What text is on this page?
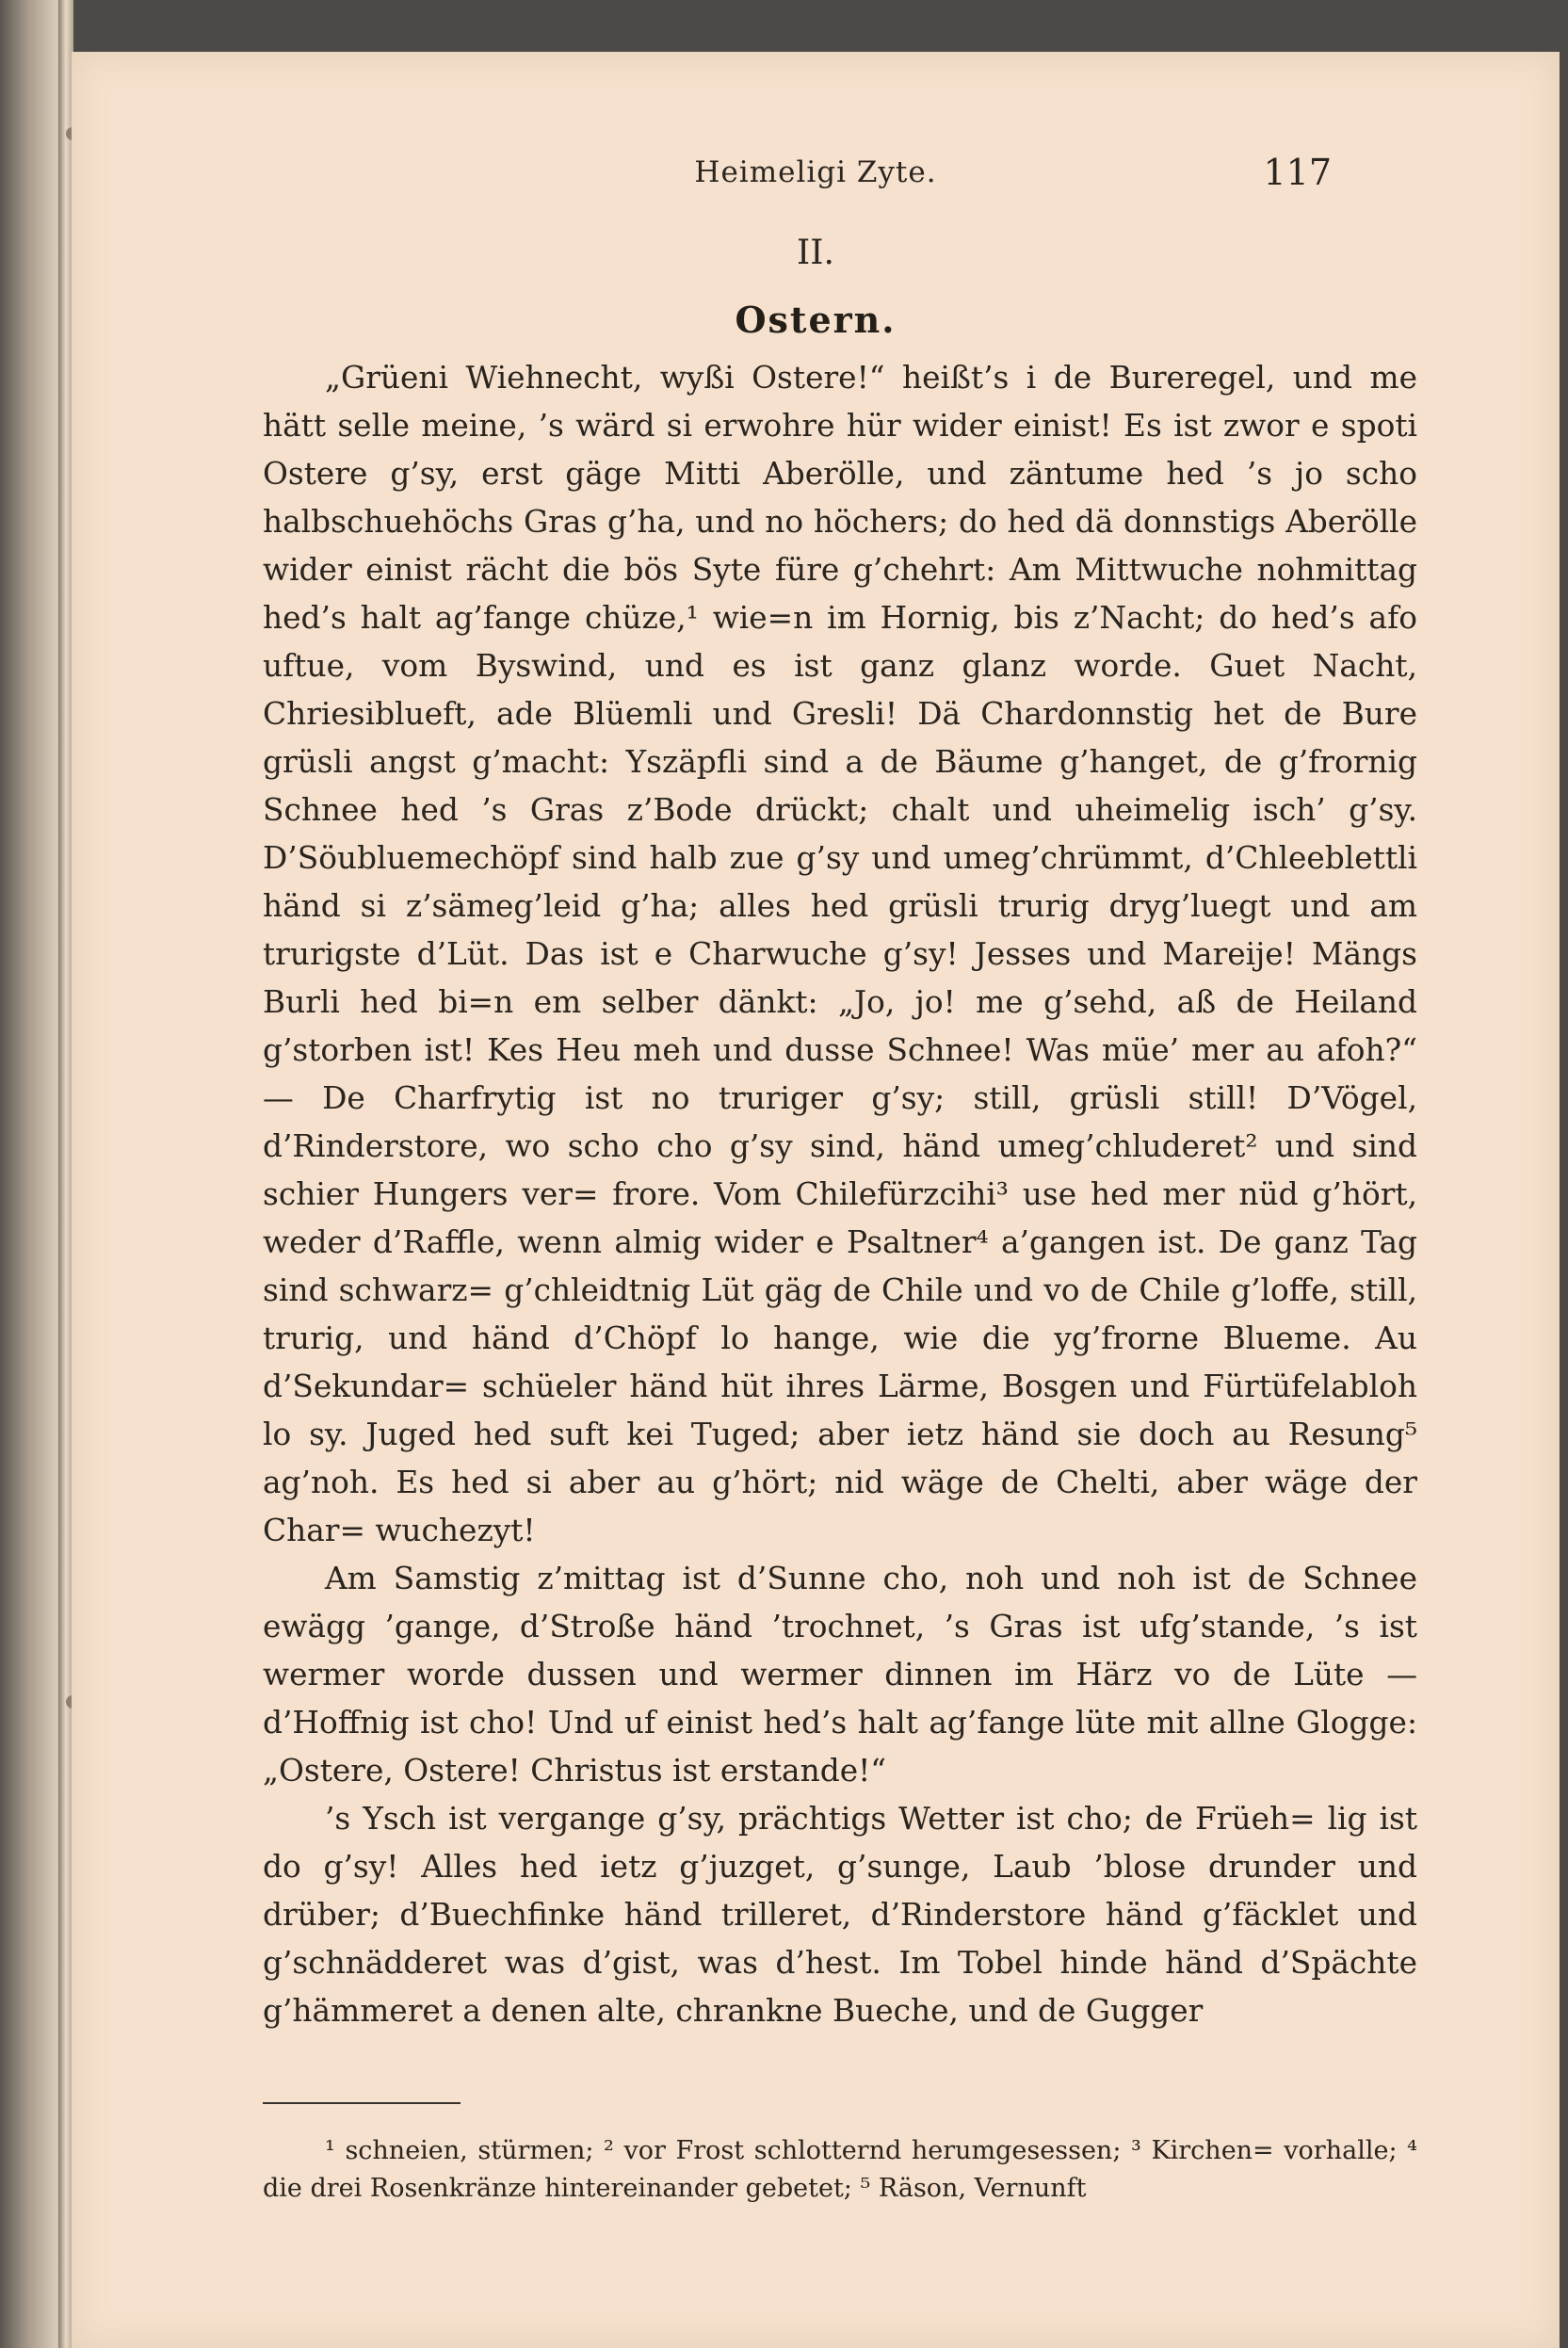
Heimeligi Zyte.	117
II.
Ostern.

„Grüeni Wiehnecht, wyßi Ostere!“ heißt’s i de Bureregel, und me hätt selle meine, ’s wärd si erwohre hür wider einist! Es ist zwor e spoti Ostere g’sy, erst gäge Mitti Aberölle, und zäntume hed ’s jo scho halbschuehöchs Gras g’ha, und no höchers; do hed dä donnstigs Aberölle wider einist rächt die bös Syte füre g’chehrt: Am Mittwuche nohmittag hed’s halt ag’fange chüze,¹ wie=n im Hornig, bis z’Nacht; do hed’s afo uftue, vom Byswind, und es ist ganz glanz worde. Guet Nacht, Chriesiblueft, ade Blüemli und Gresli! Dä Chardonnstig het de Bure grüsli angst g’macht: Yszäpfli sind a de Bäume g’hanget, de g’frornig Schnee hed ’s Gras z’Bode drückt; chalt und uheimelig isch’ g’sy. D’Söubluemechöpf sind halb zue g’sy und umeg’chrümmt, d’Chleeblettli händ si z’sämeg’leid g’ha; alles hed grüsli trurig dryg’luegt und am trurigste d’Lüt. Das ist e Charwuche g’sy! Jesses und Mareije! Mängs Burli hed bi=n em selber dänkt: „Jo, jo! me g’sehd, aß de Heiland g’storben ist! Kes Heu meh und dusse Schnee! Was müe’ mer au afoh?“ — De Charfrytig ist no truriger g’sy; still, grüsli still! D’Vögel, d’Rinderstore, wo scho cho g’sy sind, händ umeg’chluderet² und sind schier Hungers ver= frore. Vom Chilefürzcihi³ use hed mer nüd g’hört, weder d’Raffle, wenn almig wider e Psaltner⁴ a’gangen ist. De ganz Tag sind schwarz= g’chleidtnig Lüt gäg de Chile und vo de Chile g’loffe, still, trurig, und händ d’Chöpf lo hange, wie die yg’frorne Blueme. Au d’Sekundar= schüeler händ hüt ihres Lärme, Bosgen und Fürtüfelabloh lo sy. Juged hed suft kei Tuged; aber ietz händ sie doch au Resung⁵ ag’noh. Es hed si aber au g’hört; nid wäge de Chelti, aber wäge der Char= wuchezyt!

Am Samstig z’mittag ist d’Sunne cho, noh und noh ist de Schnee ewägg ’gange, d’Stroße händ ’trochnet, ’s Gras ist ufg’stande, ’s ist wermer worde dussen und wermer dinnen im Härz vo de Lüte — d’Hoffnig ist cho! Und uf einist hed’s halt ag’fange lüte mit allne Glogge: „Ostere, Ostere! Christus ist erstande!“

’s Ysch ist vergange g’sy, prächtigs Wetter ist cho; de Früeh= lig ist do g’sy! Alles hed ietz g’juzget, g’sunge, Laub ’blose drunder und drüber; d’Buechfinke händ trilleret, d’Rinderstore händ g’fäcklet und g’schnädderet was d’gist, was d’hest. Im Tobel hinde händ d’Spächte g’hämmeret a denen alte, chrankne Bueche, und de Gugger

¹ schneien, stürmen; ² vor Frost schlotternd herumgesessen; ³ Kirchen= vorhalle; ⁴ die drei Rosenkränze hintereinander gebetet; ⁵ Räson, Vernunft
